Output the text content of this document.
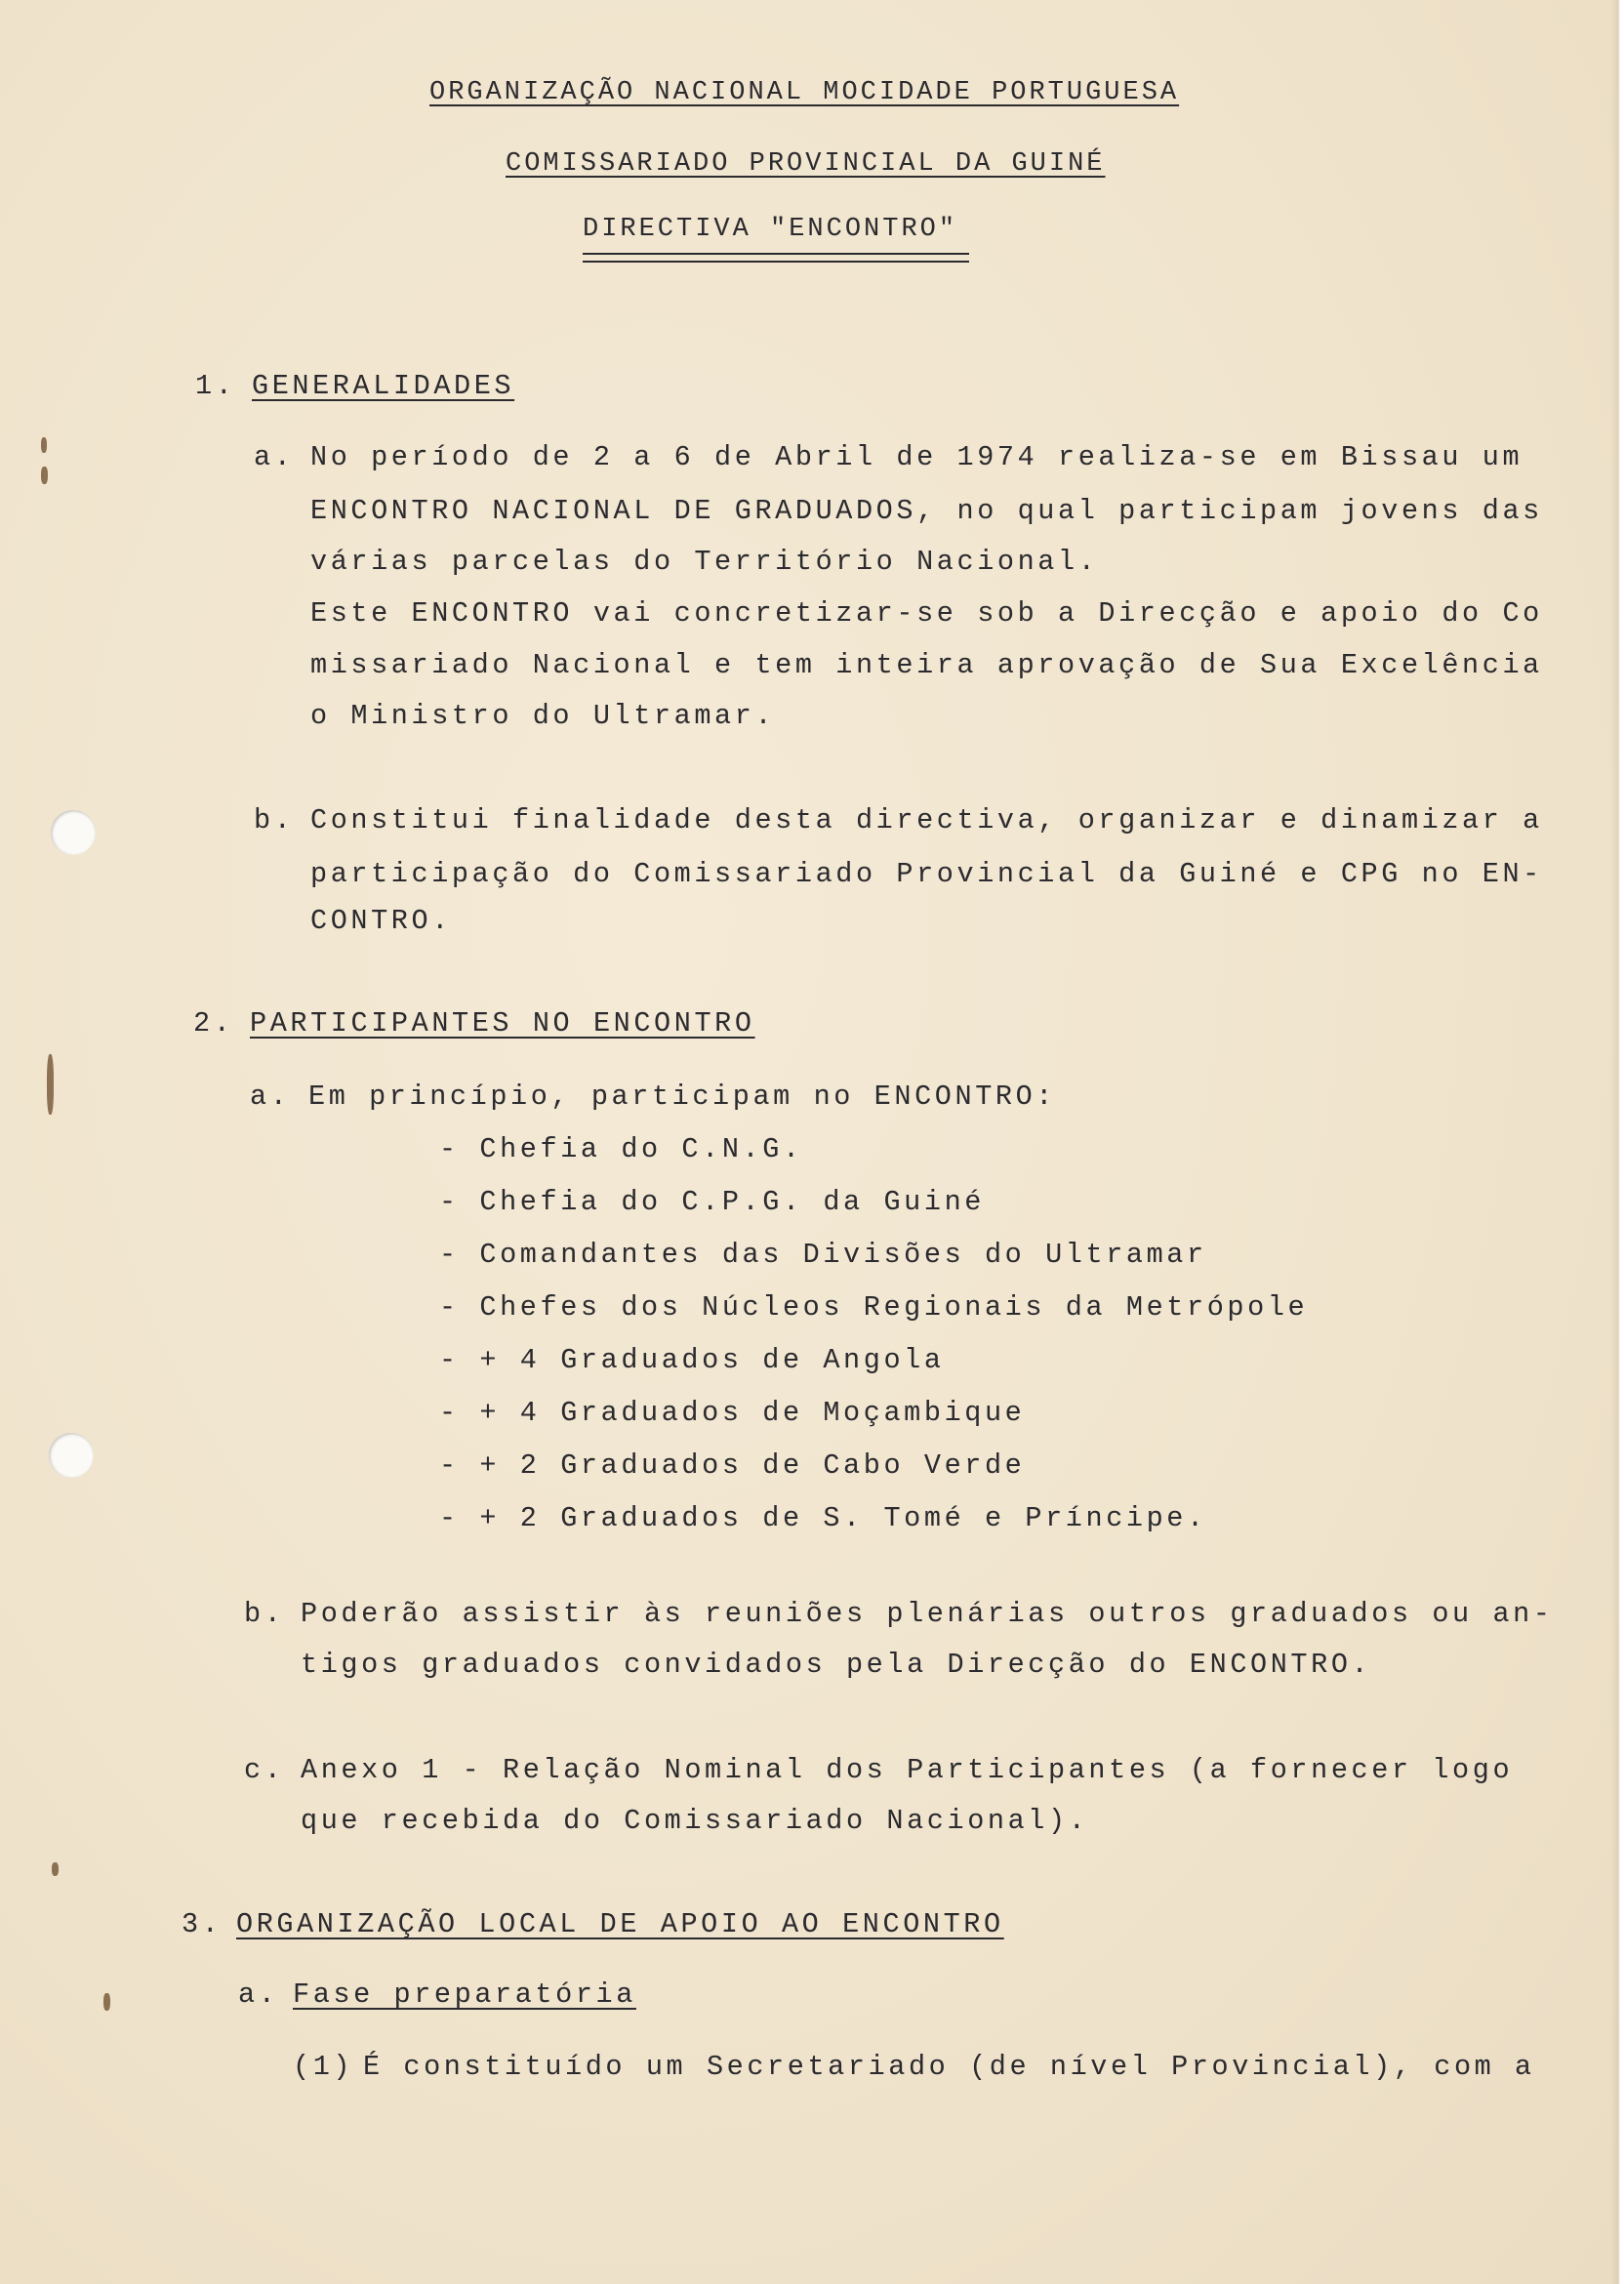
ORGANIZAÇÃO NACIONAL MOCIDADE PORTUGUESA
COMISSARIADO PROVINCIAL DA GUINÉ
DIRECTIVA "ENCONTRO"
1. GENERALIDADES
a. No período de 2 a 6 de Abril de 1974 realiza-se em Bissau um
ENCONTRO NACIONAL DE GRADUADOS, no qual participam jovens das
várias parcelas do Território Nacional.
Este ENCONTRO vai concretizar-se sob a Direcção e apoio do Co
missariado Nacional e tem inteira aprovação de Sua Excelência
o Ministro do Ultramar.
b. Constitui finalidade desta directiva, organizar e dinamizar a
participação do Comissariado Provincial da Guiné e CPG no EN-
CONTRO.
2. PARTICIPANTES NO ENCONTRO
a. Em princípio, participam no ENCONTRO:
- Chefia do C.N.G.
- Chefia do C.P.G. da Guiné
- Comandantes das Divisões do Ultramar
- Chefes dos Núcleos Regionais da Metrópole
- + 4 Graduados de Angola
- + 4 Graduados de Moçambique
- + 2 Graduados de Cabo Verde
- + 2 Graduados de S. Tomé e Príncipe.
b. Poderão assistir às reuniões plenárias outros graduados ou an-
tigos graduados convidados pela Direcção do ENCONTRO.
c. Anexo 1 - Relação Nominal dos Participantes (a fornecer logo
que recebida do Comissariado Nacional).
3. ORGANIZAÇÃO LOCAL DE APOIO AO ENCONTRO
a. Fase preparatória
(1) É constituído um Secretariado (de nível Provincial), com a
